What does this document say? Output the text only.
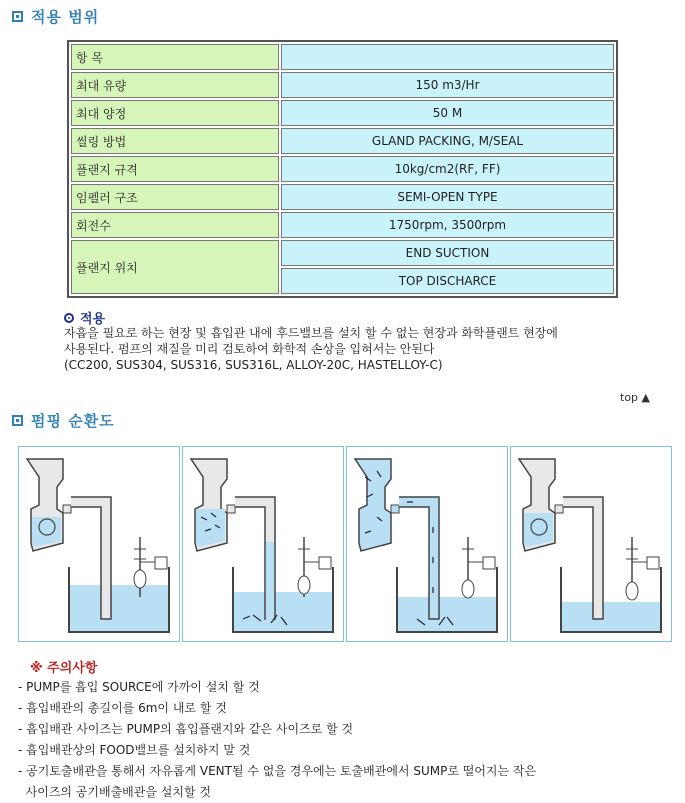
적용 범위
항 목	
최대 유량	150 m3/Hr
최대 양정	50 M
씰링 방법	GLAND PACKING, M/SEAL
플랜지 규격	10kg/cm2(RF, FF)
임펠러 구조	SEMI-OPEN TYPE
회전수	1750rpm, 3500rpm
플랜지 위치	END SUCTION
	TOP DISCHARCE
적용
자흡을 필요로 하는 현장 및 흡입관 내에 후드밸브를 설치 할 수 없는 현장과 화학플랜트 현장에
사용된다. 펌프의 재질을 미리 검토하여 화학적 손상을 입혀서는 안된다
(CC200, SUS304, SUS316, SUS316L, ALLOY-20C, HASTELLOY-C)
top ▲
펌핑 순환도
※ 주의사항
- PUMP를 흡입 SOURCE에 가까이 설치 할 것
- 흡입배관의 총길이를 6m이 내로 할 것
- 흡입배관 사이즈는 PUMP의 흡입플랜지와 같은 사이즈로 할 것
- 흡입배관상의 FOOD밸브를 설치하지 말 것
- 공기토출배관을 통해서 자유롭게 VENT될 수 없을 경우에는 토출배관에서 SUMP로 떨어지는 작은
사이즈의 공기배출배관을 설치할 것
